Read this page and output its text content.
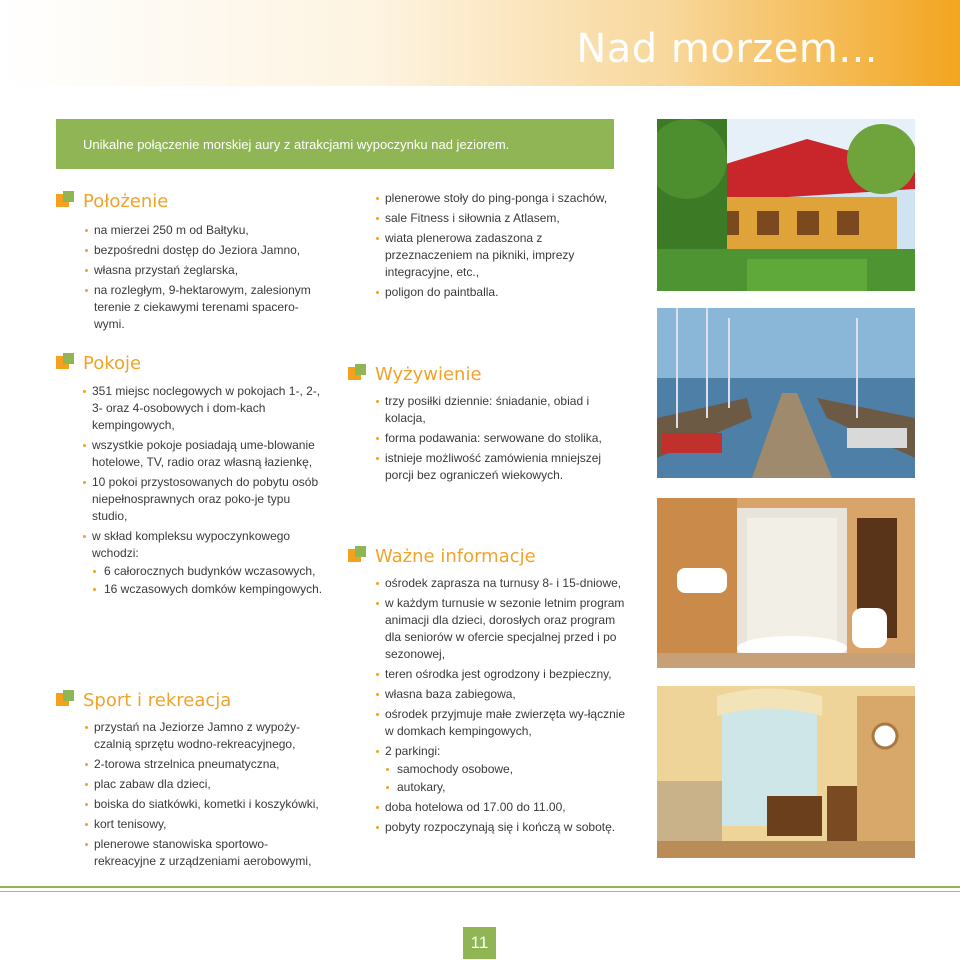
Nad morzem...
Unikalne połączenie morskiej aury z atrakcjami wypoczynku nad jeziorem.
Położenie
na mierzei 250 m od Bałtyku,
bezpośredni dostęp do Jeziora Jamno,
własna przystań żeglarska,
na rozległym, 9-hektarowym, zalesionym terenie z ciekawymi terenami spacero-wymi.
plenerowe stoły do ping-ponga i szachów,
sale Fitness i siłownia z Atlasem,
wiata plenerowa zadaszona z przeznaczeniem na pikniki, imprezy integracyjne, etc.,
poligon do paintballa.
Pokoje
351 miejsc noclegowych w pokojach 1-, 2-, 3- oraz 4-osobowych i dom-kach kempingowych,
wszystkie pokoje posiadają ume-blowanie hotelowe, TV, radio oraz własną łazienkę,
10 pokoi przystosowanych do pobytu osób niepełnosprawnych oraz poko-je typu studio,
w skład kompleksu wypoczynkowego wchodzi:
6 całorocznych budynków wczasowych,
16 wczasowych domków kempingowych.
Sport i rekreacja
przystań na Jeziorze Jamno z wypoży-czalnią sprzętu wodno-rekreacyjnego,
2-torowa strzelnica pneumatyczna,
plac zabaw dla dzieci,
boiska do siatkówki, kometki i koszykówki,
kort tenisowy,
plenerowe stanowiska sportowo-rekreacyjne z urządzeniami aerobowymi,
Wyżywienie
trzy posiłki dziennie: śniadanie, obiad i kolacja,
forma podawania: serwowane do stolika,
istnieje możliwość zamówienia mniejszej porcji bez ograniczeń wiekowych.
Ważne informacje
ośrodek zaprasza na turnusy 8- i 15-dniowe,
w każdym turnusie w sezonie letnim program animacji dla dzieci, dorosłych oraz program dla seniorów w ofercie specjalnej przed i po sezonowej,
teren ośrodka jest ogrodzony i bezpieczny,
własna baza zabiegowa,
ośrodek przyjmuje małe zwierzęta wy-łącznie w domkach kempingowych,
2 parkingi:
samochody osobowe,
autokary,
doba hotelowa od 17.00 do 11.00,
pobyty rozpoczynają się i kończą w sobotę.
11
